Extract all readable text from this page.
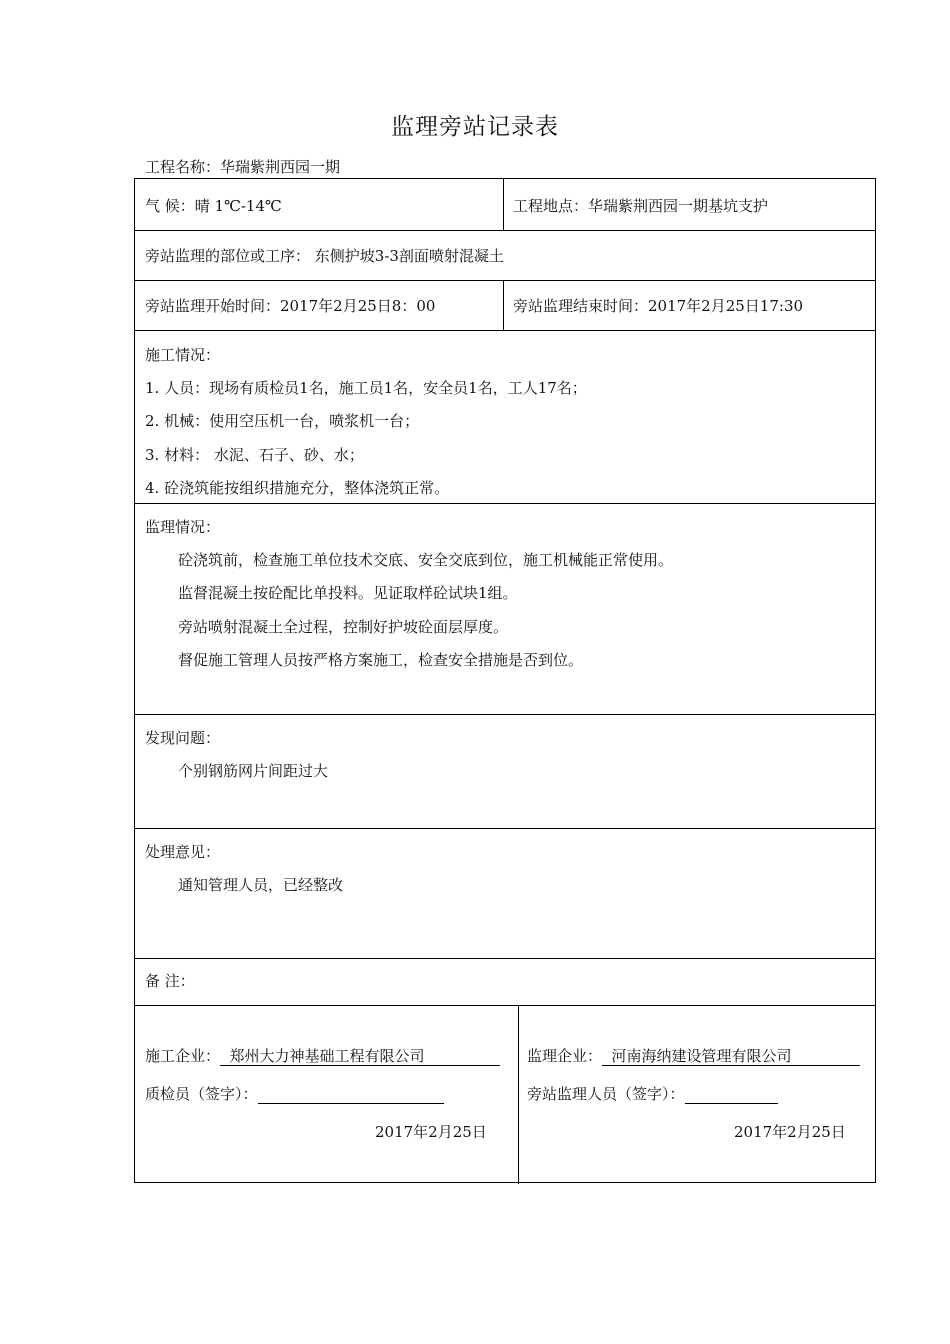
监理旁站记录表
工程名称：华瑞紫荆西园一期
气 候：晴 1℃-14℃	工程地点：华瑞紫荆西园一期基坑支护
旁站监理的部位或工序： 东侧护坡3-3剖面喷射混凝土
旁站监理开始时间：2017年2月25日8：00	旁站监理结束时间：2017年2月25日17:30
施工情况：
1. 人员：现场有质检员1名，施工员1名，安全员1名，工人17名；
2. 机械：使用空压机一台，喷浆机一台；
3. 材料： 水泥、石子、砂、水；
4. 砼浇筑能按组织措施充分，整体浇筑正常。
监理情况：
砼浇筑前，检查施工单位技术交底、安全交底到位，施工机械能正常使用。
监督混凝土按砼配比单投料。见证取样砼试块1组。
旁站喷射混凝土全过程，控制好护坡砼面层厚度。
督促施工管理人员按严格方案施工，检查安全措施是否到位。
发现问题：
个别钢筋网片间距过大
处理意见：
通知管理人员，已经整改
备 注：
施工企业：  郑州大力神基础工程有限公司
质检员（签字）：
2017年2月25日
监理企业：  河南海纳建设管理有限公司
旁站监理人员（签字）：
2017年2月25日
